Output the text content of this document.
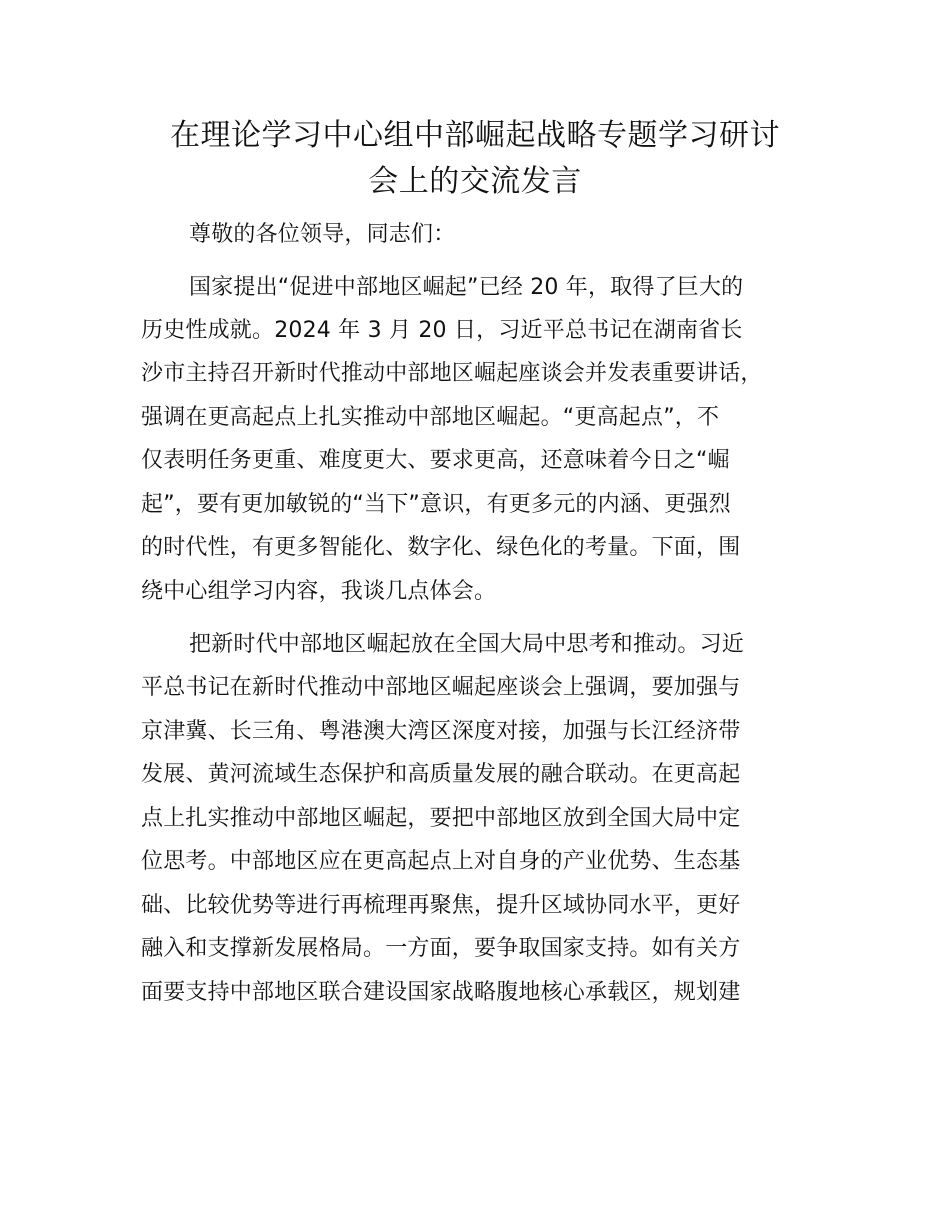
在理论学习中心组中部崛起战略专题学习研讨
会上的交流发言
尊敬的各位领导，同志们：
国家提出“促进中部地区崛起”已经 20 年，取得了巨大的
历史性成就。2024 年 3 月 20 日，习近平总书记在湖南省长
沙市主持召开新时代推动中部地区崛起座谈会并发表重要讲话，
强调在更高起点上扎实推动中部地区崛起。“更高起点”，不
仅表明任务更重、难度更大、要求更高，还意味着今日之“崛
起”，要有更加敏锐的“当下”意识，有更多元的内涵、更强烈
的时代性，有更多智能化、数字化、绿色化的考量。下面，围
绕中心组学习内容，我谈几点体会。
把新时代中部地区崛起放在全国大局中思考和推动。习近
平总书记在新时代推动中部地区崛起座谈会上强调，要加强与
京津冀、长三角、粤港澳大湾区深度对接，加强与长江经济带
发展、黄河流域生态保护和高质量发展的融合联动。在更高起
点上扎实推动中部地区崛起，要把中部地区放到全国大局中定
位思考。中部地区应在更高起点上对自身的产业优势、生态基
础、比较优势等进行再梳理再聚焦，提升区域协同水平，更好
融入和支撑新发展格局。一方面，要争取国家支持。如有关方
面要支持中部地区联合建设国家战略腹地核心承载区，规划建
